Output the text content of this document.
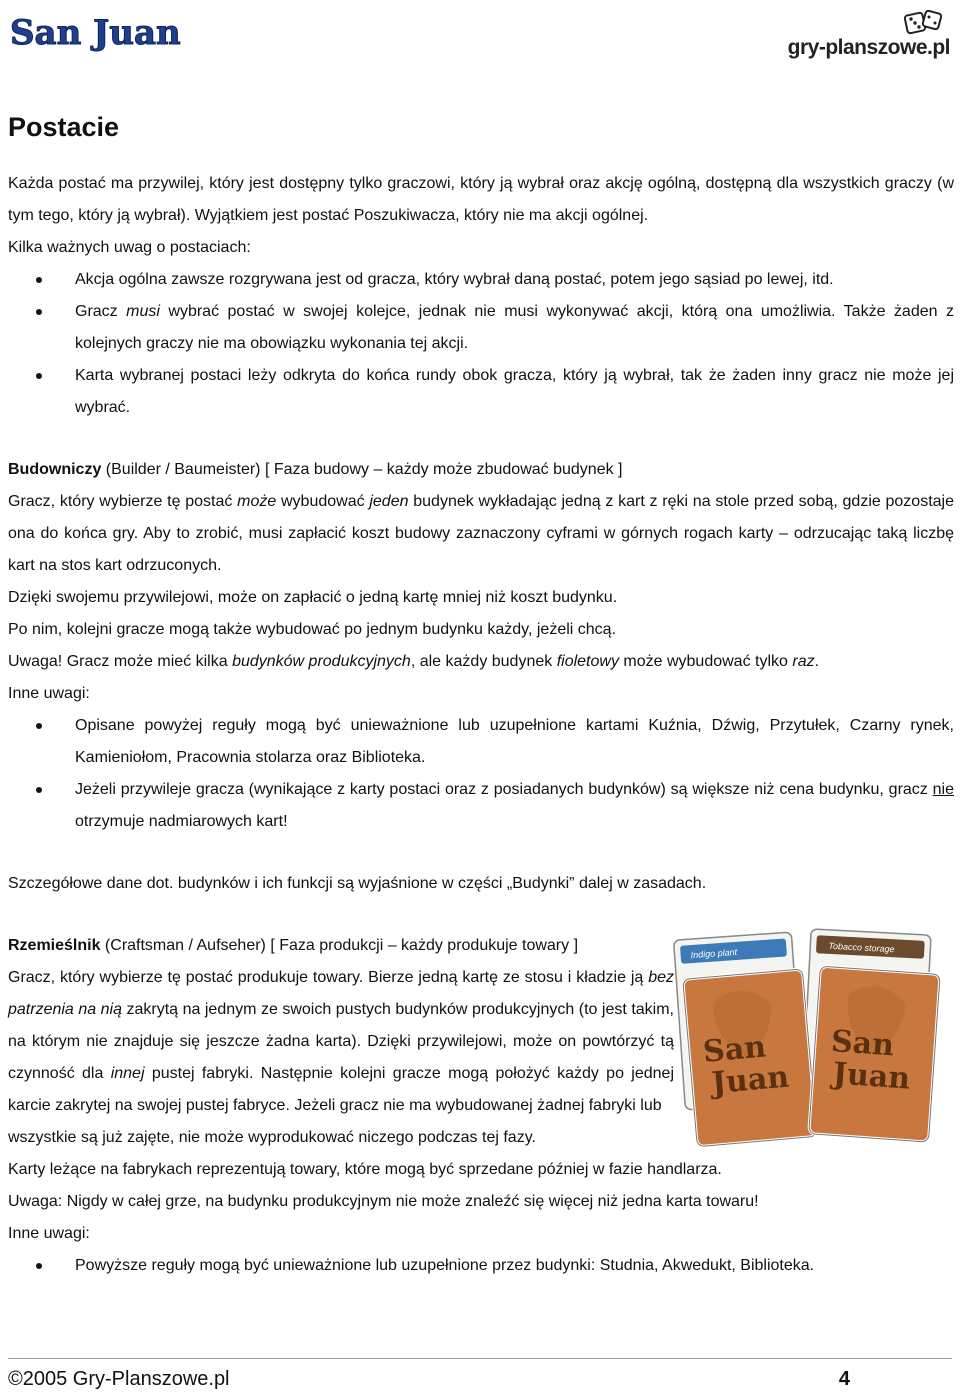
San Juan	gry-planszowe.pl
Postacie

Każda postać ma przywilej, który jest dostępny tylko graczowi, który ją wybrał oraz akcję ogólną, dostępną dla wszystkich graczy (w tym tego, który ją wybrał). Wyjątkiem jest postać Poszukiwacza, który nie ma akcji ogólnej.

Kilka ważnych uwag o postaciach:

Akcja ogólna zawsze rozgrywana jest od gracza, który wybrał daną postać, potem jego sąsiad po lewej, itd.
Gracz musi wybrać postać w swojej kolejce, jednak nie musi wykonywać akcji, którą ona umożliwia. Także żaden z kolejnych graczy nie ma obowiązku wykonania tej akcji.
Karta wybranej postaci leży odkryta do końca rundy obok gracza, który ją wybrał, tak że żaden inny gracz nie może jej wybrać.

Budowniczy (Builder / Baumeister) [ Faza budowy – każdy może zbudować budynek ]

Gracz, który wybierze tę postać może wybudować jeden budynek wykładając jedną z kart z ręki na stole przed sobą, gdzie pozostaje ona do końca gry. Aby to zrobić, musi zapłacić koszt budowy zaznaczony cyframi w górnych rogach karty – odrzucając taką liczbę kart na stos kart odrzuconych.

Dzięki swojemu przywilejowi, może on zapłacić o jedną kartę mniej niż koszt budynku.

Po nim, kolejni gracze mogą także wybudować po jednym budynku każdy, jeżeli chcą.

Uwaga! Gracz może mieć kilka budynków produkcyjnych, ale każdy budynek fioletowy może wybudować tylko raz.

Inne uwagi:

Opisane powyżej reguły mogą być unieważnione lub uzupełnione kartami Kuźnia, Dźwig, Przytułek, Czarny rynek, Kamieniołom, Pracownia stolarza oraz Biblioteka.
Jeżeli przywileje gracza (wynikające z karty postaci oraz z posiadanych budynków) są większe niż cena budynku, gracz nie otrzymuje nadmiarowych kart!

Szczegółowe dane dot. budynków i ich funkcji są wyjaśnione w części „Budynki” dalej w zasadach.

Rzemieślnik (Craftsman / Aufseher) [ Faza produkcji – każdy produkuje towary ]

Gracz, który wybierze tę postać produkuje towary. Bierze jedną kartę ze stosu i kładzie ją bez patrzenia na nią zakrytą na jednym ze swoich pustych budynków produkcyjnych (to jest takim, na którym nie znajduje się jeszcze żadna karta). Dzięki przywilejowi, może on powtórzyć tą czynność dla innej pustej fabryki. Następnie kolejni gracze mogą położyć każdy po jednej karcie zakrytej na swojej pustej fabryce. Jeżeli gracz nie ma wybudowanej żadnej fabryki lub

Indigo plant	Tobacco storage
San
Juan
San
Juan

wszystkie są już zajęte, nie może wyprodukować niczego podczas tej fazy.

Karty leżące na fabrykach reprezentują towary, które mogą być sprzedane później w fazie handlarza.

Uwaga: Nigdy w całej grze, na budynku produkcyjnym nie może znaleźć się więcej niż jedna karta towaru!

Inne uwagi:

Powyższe reguły mogą być unieważnione lub uzupełnione przez budynki: Studnia, Akwedukt, Biblioteka.
©2005 Gry-Planszowe.pl	4
